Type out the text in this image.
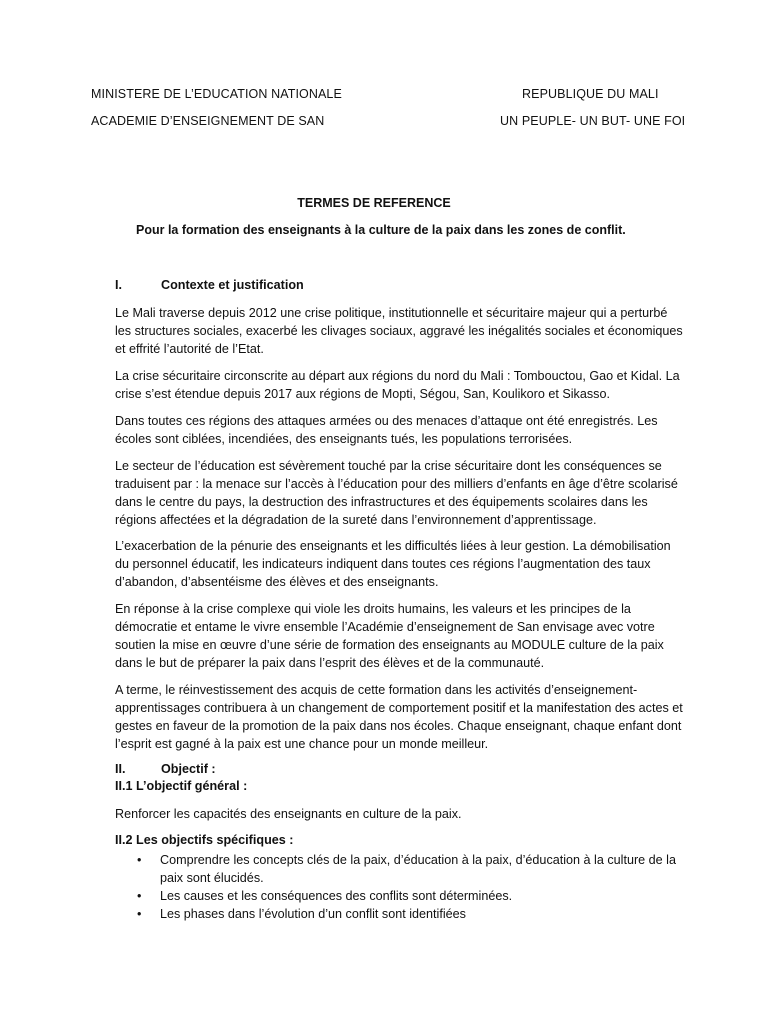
MINISTERE DE L’EDUCATION NATIONALE	REPUBLIQUE DU MALI
ACADEMIE D’ENSEIGNEMENT DE SAN	UN PEUPLE- UN BUT- UNE FOI
TERMES DE REFERENCE
Pour la formation des enseignants à la culture de la paix dans les zones de conflit.
I.	Contexte et justification
Le Mali traverse depuis 2012 une crise politique, institutionnelle et sécuritaire majeur qui a perturbé les structures sociales, exacerbé les clivages sociaux, aggravé les inégalités sociales et économiques et effrité l’autorité de l’Etat.
La crise sécuritaire circonscrite au départ aux régions du nord du Mali : Tombouctou, Gao et Kidal. La crise s’est étendue depuis 2017 aux régions de Mopti, Ségou, San, Koulikoro et Sikasso.
Dans toutes ces régions des attaques armées ou des menaces d’attaque ont été enregistrés. Les écoles sont ciblées, incendiées, des enseignants tués, les populations terrorisées.
Le secteur de l’éducation est sévèrement touché par la crise sécuritaire dont les conséquences se traduisent par : la menace sur l’accès à l’éducation pour des milliers d’enfants en âge d’être scolarisé dans le centre du pays, la destruction des infrastructures et des équipements scolaires dans les régions affectées et la dégradation de la sureté dans l’environnement d’apprentissage.
L’exacerbation de la pénurie des enseignants et les difficultés liées à leur gestion. La démobilisation du personnel éducatif, les indicateurs indiquent dans toutes ces régions l’augmentation des taux d’abandon, d’absentéisme des élèves et des enseignants.
En réponse à la crise complexe qui viole les droits humains, les valeurs et les principes de la démocratie et entame le vivre ensemble l’Académie d’enseignement de San envisage avec votre soutien la mise en œuvre d’une série de formation des enseignants au MODULE culture de la paix dans le but de préparer la paix dans l’esprit des élèves et de la communauté.
A terme, le réinvestissement des acquis de cette formation dans les activités d’enseignement-apprentissages contribuera à un changement de comportement positif et la manifestation des actes et gestes en faveur de la promotion de la paix dans nos écoles. Chaque enseignant, chaque enfant dont l’esprit est gagné à la paix est une chance pour un monde meilleur.
II.	Objectif :
II.1 L’objectif général :
Renforcer les capacités des enseignants en culture de la paix.
II.2 Les objectifs spécifiques :
• Comprendre les concepts clés de la paix, d’éducation à la paix, d’éducation à la culture de la paix sont élucidés.
• Les causes et les conséquences des conflits sont déterminées.
• Les phases dans l’évolution d’un conflit sont identifiées
